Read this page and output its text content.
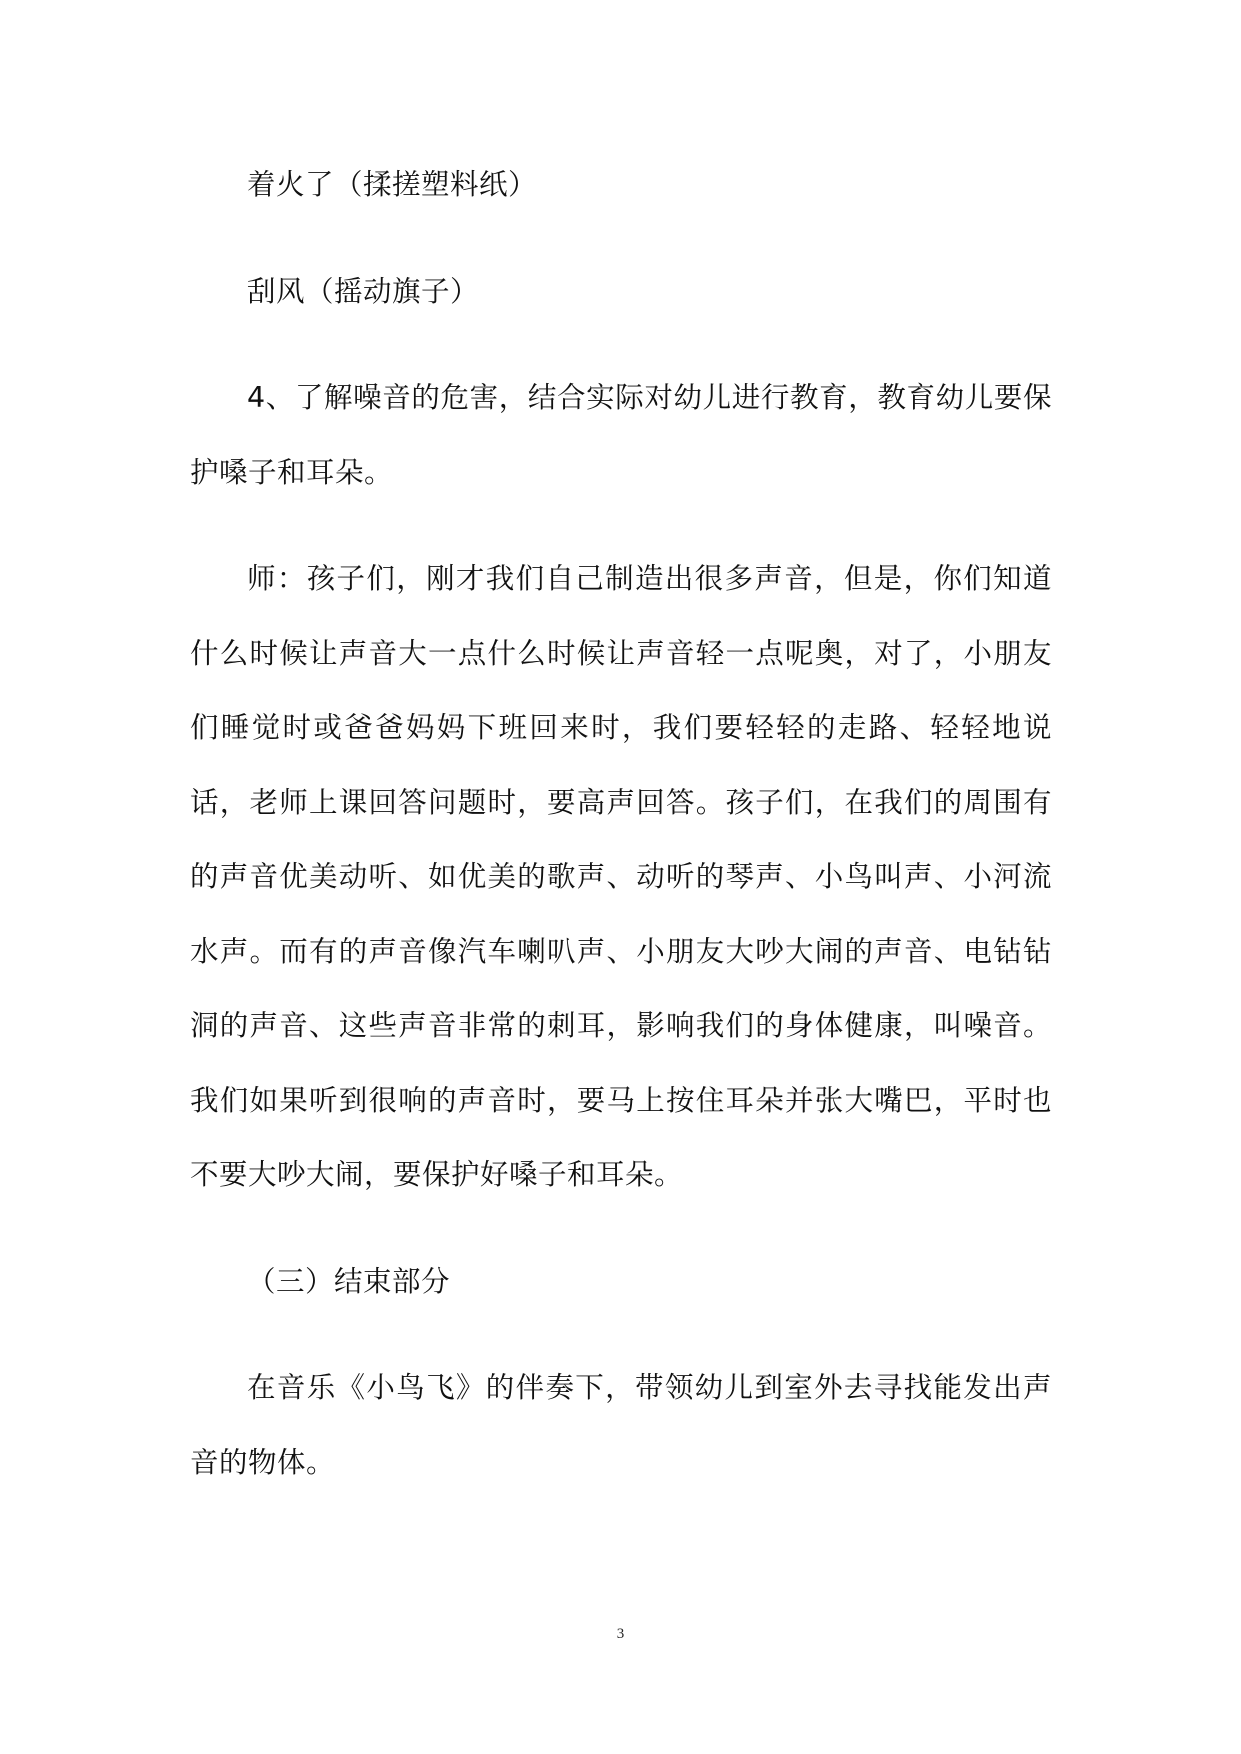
着火了（揉搓塑料纸）

刮风（摇动旗子）

4、了解噪音的危害，结合实际对幼儿进行教育，教育幼儿要保护嗓子和耳朵。

师：孩子们，刚才我们自己制造出很多声音，但是，你们知道什么时候让声音大一点什么时候让声音轻一点呢奥，对了，小朋友们睡觉时或爸爸妈妈下班回来时，我们要轻轻的走路、轻轻地说话，老师上课回答问题时，要高声回答。孩子们，在我们的周围有的声音优美动听、如优美的歌声、动听的琴声、小鸟叫声、小河流水声。而有的声音像汽车喇叭声、小朋友大吵大闹的声音、电钻钻洞的声音、这些声音非常的刺耳，影响我们的身体健康，叫噪音。我们如果听到很响的声音时，要马上按住耳朵并张大嘴巴，平时也不要大吵大闹，要保护好嗓子和耳朵。

（三）结束部分

在音乐《小鸟飞》的伴奏下，带领幼儿到室外去寻找能发出声音的物体。

3
